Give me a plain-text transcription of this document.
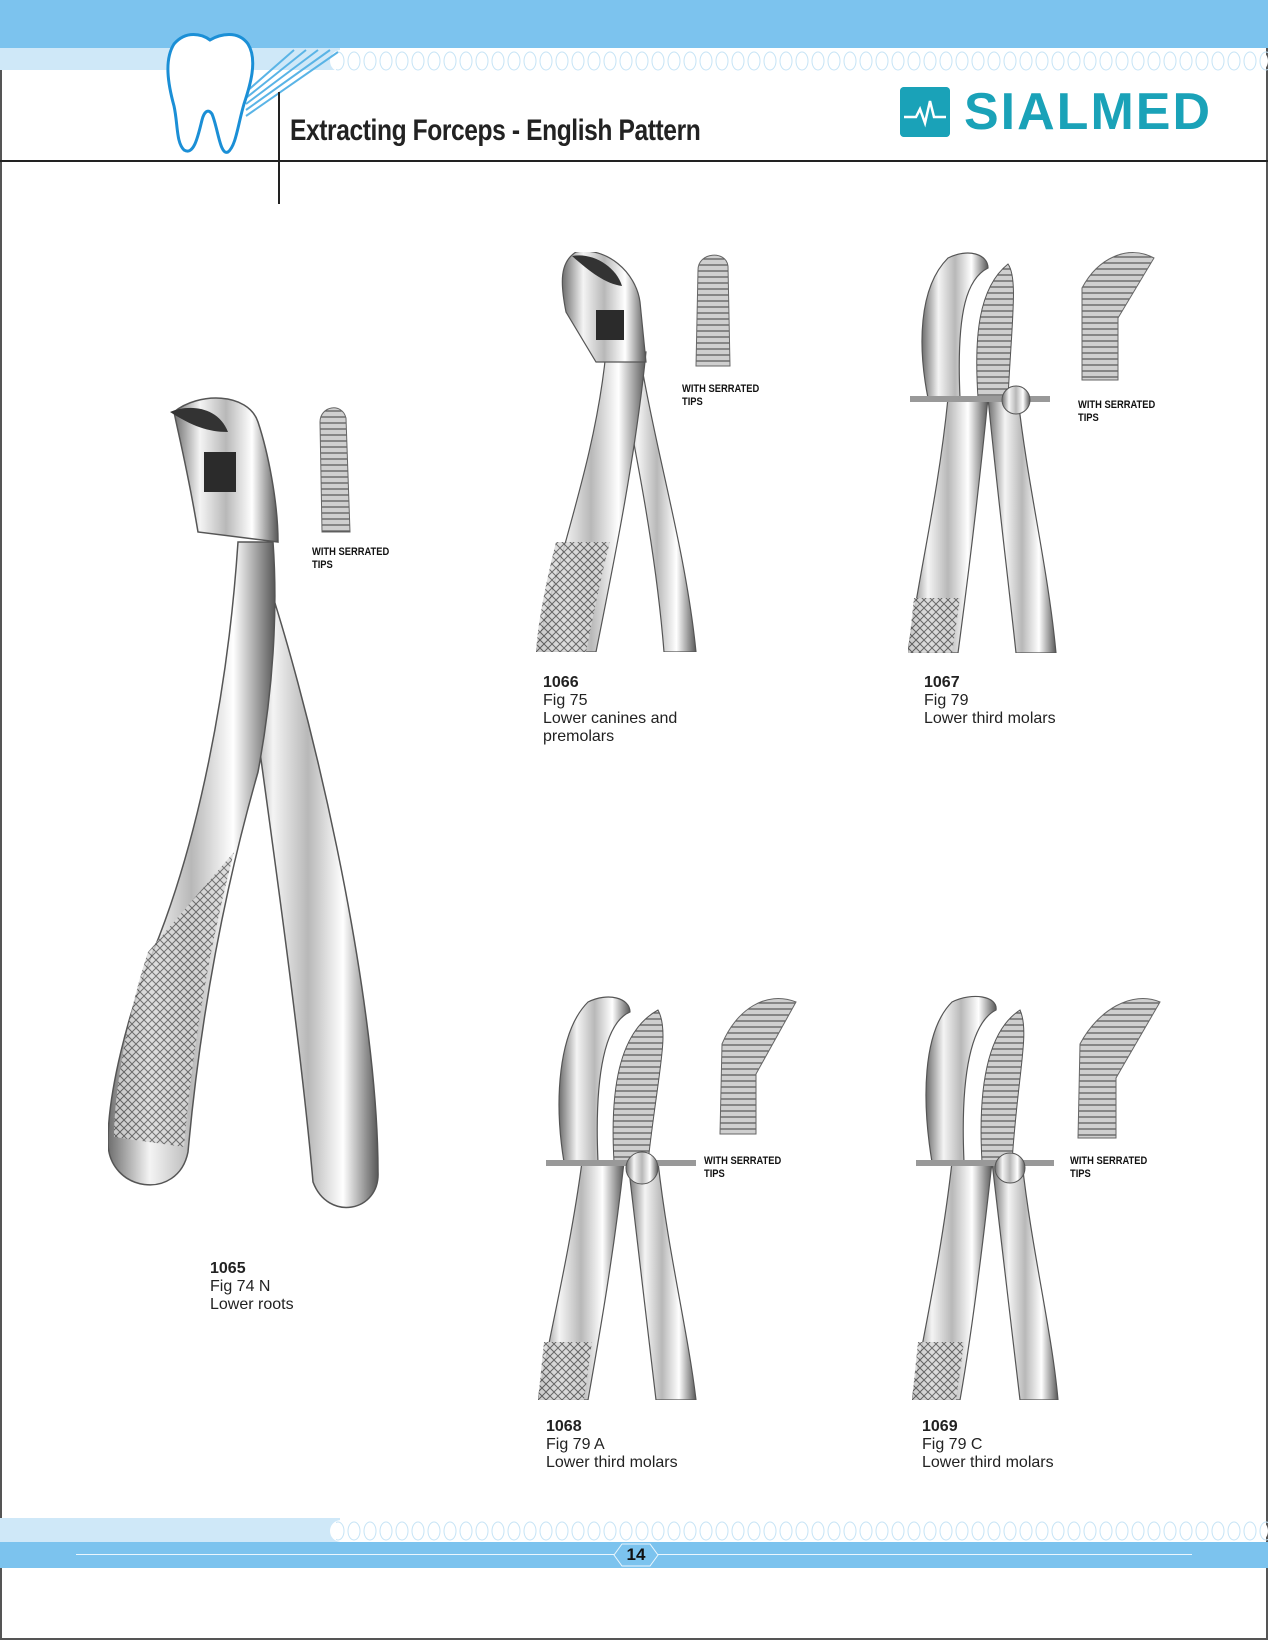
Extracting Forceps - English Pattern	SIALMED
WITH SERRATED
TIPS
1065
Fig 74 N
Lower roots
WITH SERRATED
TIPS
1066
Fig 75
Lower canines and
premolars
WITH SERRATED
TIPS
1067
Fig 79
Lower third molars
WITH SERRATED
TIPS
1068
Fig 79 A
Lower third molars
WITH SERRATED
TIPS
1069
Fig 79 C
Lower third molars
14
